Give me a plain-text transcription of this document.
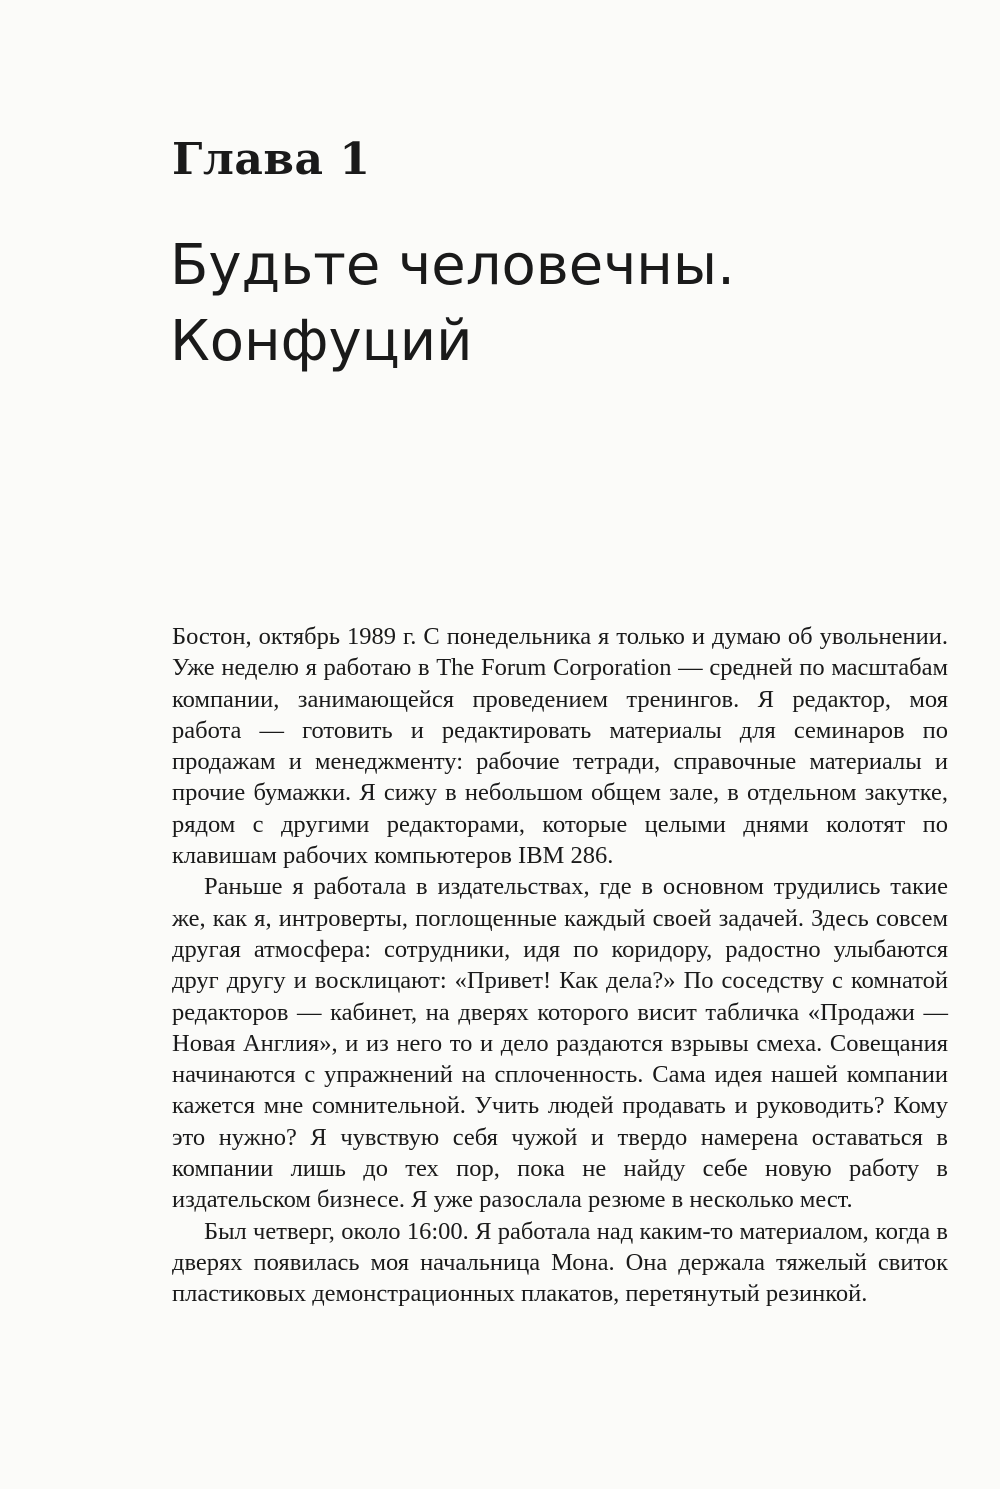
Глава 1
Будьте человечны.
Конфуций

Бостон, октябрь 1989 г. С понедельника я только и думаю об увольнении. Уже неделю я работаю в The Forum Corporation — средней по масштабам компании, занимающейся проведением тренингов. Я редактор, моя работа — готовить и редактировать материалы для семинаров по продажам и менеджменту: рабочие тетради, справочные материалы и прочие бумажки. Я сижу в небольшом общем зале, в отдельном закутке, рядом с другими редакторами, которые целыми днями колотят по клавишам рабочих компьютеров IBM 286.

Раньше я работала в издательствах, где в основном трудились такие же, как я, интроверты, поглощенные каждый своей задачей. Здесь совсем другая атмосфера: сотрудники, идя по коридору, радостно улыбаются друг другу и восклицают: «Привет! Как дела?» По соседству с комнатой редакторов — кабинет, на дверях которого висит табличка «Продажи — Новая Англия», и из него то и дело раздаются взрывы смеха. Совещания начинаются с упражнений на сплоченность. Сама идея нашей компании кажется мне сомнительной. Учить людей продавать и руководить? Кому это нужно? Я чувствую себя чужой и твердо намерена оставаться в компании лишь до тех пор, пока не найду себе новую работу в издательском бизнесе. Я уже разослала резюме в несколько мест.

Был четверг, около 16:00. Я работала над каким-то материалом, когда в дверях появилась моя начальница Мона. Она держала тяжелый свиток пластиковых демонстрационных плакатов, перетянутый резинкой.
